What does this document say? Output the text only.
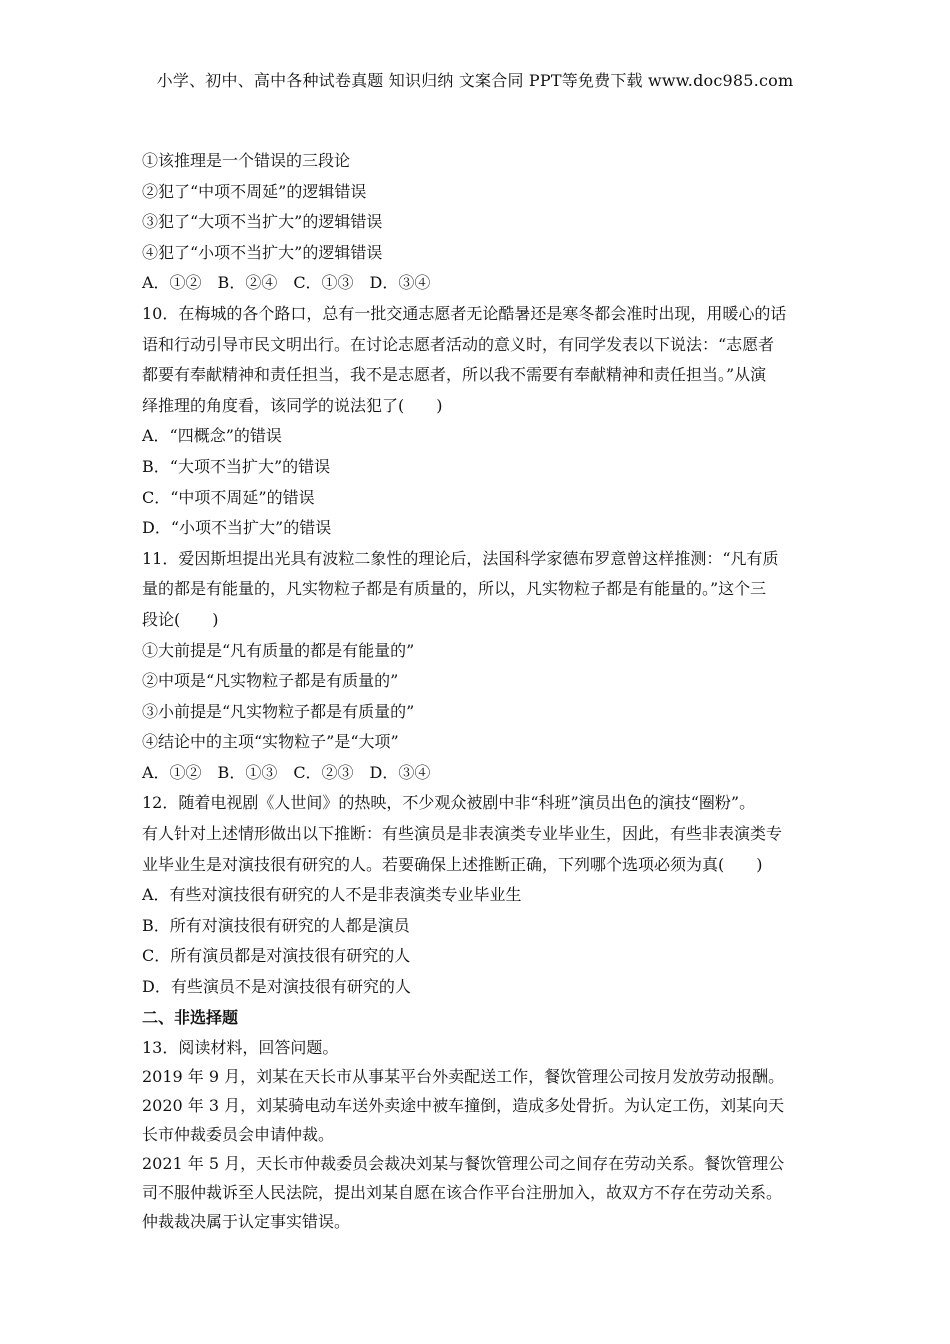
小学、初中、高中各种试卷真题 知识归纳 文案合同 PPT等免费下载 www.doc985.com
①该推理是一个错误的三段论
②犯了“中项不周延”的逻辑错误
③犯了“大项不当扩大”的逻辑错误
④犯了“小项不当扩大”的逻辑错误
A．①②　B．②④　C．①③　D．③④
10．在梅城的各个路口，总有一批交通志愿者无论酷暑还是寒冬都会准时出现，用暖心的话
语和行动引导市民文明出行。在讨论志愿者活动的意义时，有同学发表以下说法：“志愿者
都要有奉献精神和责任担当，我不是志愿者，所以我不需要有奉献精神和责任担当。”从演
绎推理的角度看，该同学的说法犯了(　　)
A．“四概念”的错误
B．“大项不当扩大”的错误
C．“中项不周延”的错误
D．“小项不当扩大”的错误
11．爱因斯坦提出光具有波粒二象性的理论后，法国科学家德布罗意曾这样推测：“凡有质
量的都是有能量的，凡实物粒子都是有质量的，所以，凡实物粒子都是有能量的。”这个三
段论(　　)
①大前提是“凡有质量的都是有能量的”
②中项是“凡实物粒子都是有质量的”
③小前提是“凡实物粒子都是有质量的”
④结论中的主项“实物粒子”是“大项”
A．①②　B．①③　C．②③　D．③④
12．随着电视剧《人世间》的热映，不少观众被剧中非“科班”演员出色的演技“圈粉”。
有人针对上述情形做出以下推断：有些演员是非表演类专业毕业生，因此，有些非表演类专
业毕业生是对演技很有研究的人。若要确保上述推断正确，下列哪个选项必须为真(　　)
A．有些对演技很有研究的人不是非表演类专业毕业生
B．所有对演技很有研究的人都是演员
C．所有演员都是对演技很有研究的人
D．有些演员不是对演技很有研究的人
二、非选择题
13．阅读材料，回答问题。
2019 年 9 月，刘某在天长市从事某平台外卖配送工作，餐饮管理公司按月发放劳动报酬。
2020 年 3 月，刘某骑电动车送外卖途中被车撞倒，造成多处骨折。为认定工伤，刘某向天
长市仲裁委员会申请仲裁。
2021 年 5 月，天长市仲裁委员会裁决刘某与餐饮管理公司之间存在劳动关系。餐饮管理公
司不服仲裁诉至人民法院，提出刘某自愿在该合作平台注册加入，故双方不存在劳动关系。
仲裁裁决属于认定事实错误。
